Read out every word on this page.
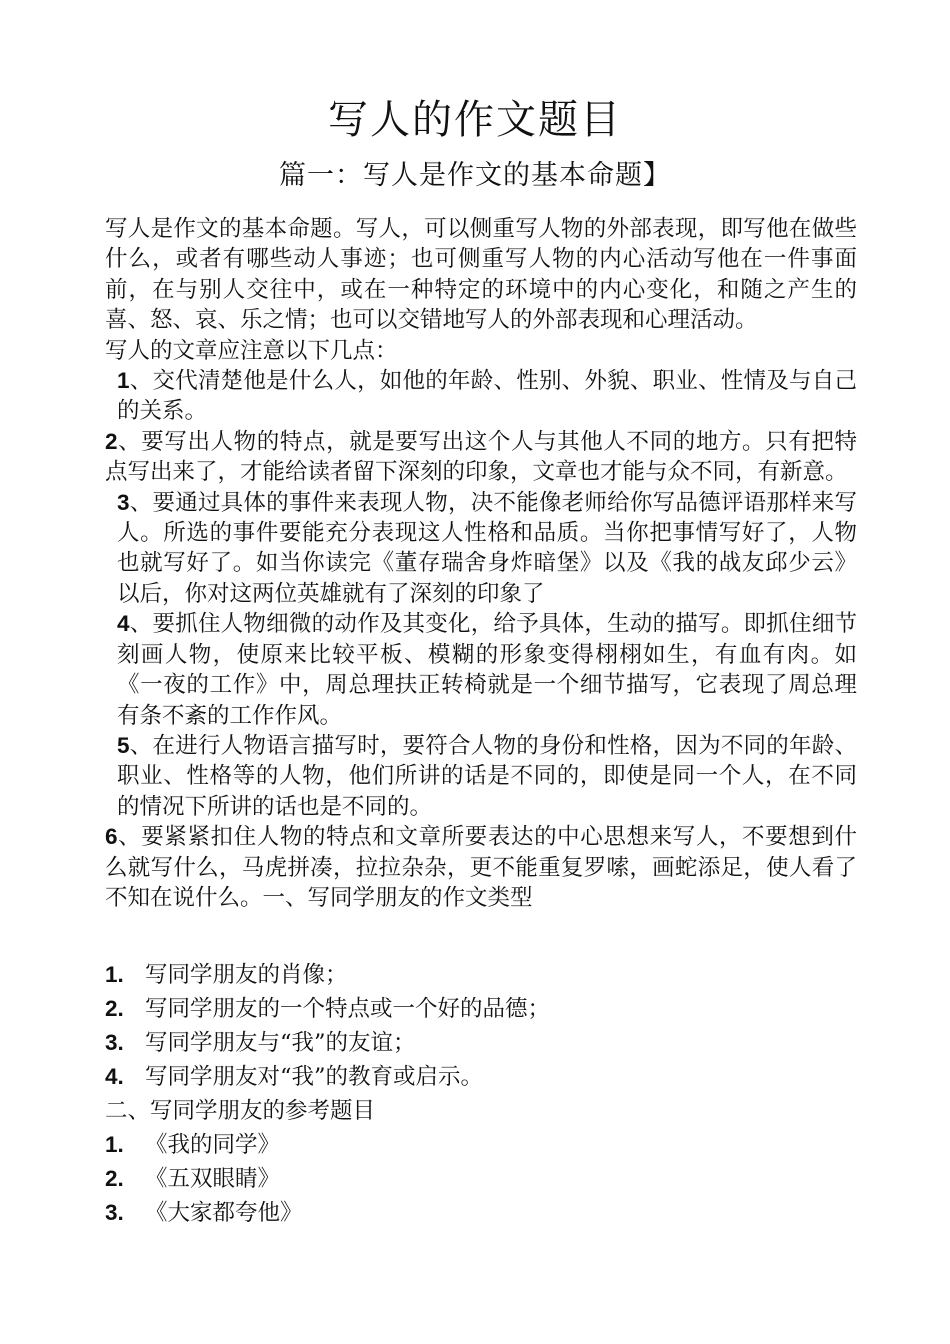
写人的作文题目
篇一：写人是作文的基本命题】

写人是作文的基本命题。写人，可以侧重写人物的外部表现，即写他在做些什么，或者有哪些动人事迹；也可侧重写人物的内心活动写他在一件事面前，在与别人交往中，或在一种特定的环境中的内心变化，和随之产生的喜、怒、哀、乐之情；也可以交错地写人的外部表现和心理活动。

写人的文章应注意以下几点：

1、交代清楚他是什么人，如他的年龄、性别、外貌、职业、性情及与自己的关系。

2、要写出人物的特点，就是要写出这个人与其他人不同的地方。只有把特点写出来了，才能给读者留下深刻的印象，文章也才能与众不同，有新意。

3、要通过具体的事件来表现人物，决不能像老师给你写品德评语那样来写人。所选的事件要能充分表现这人性格和品质。当你把事情写好了，人物也就写好了。如当你读完《董存瑞舍身炸暗堡》以及《我的战友邱少云》以后，你对这两位英雄就有了深刻的印象了

4、要抓住人物细微的动作及其变化，给予具体，生动的描写。即抓住细节刻画人物，使原来比较平板、模糊的形象变得栩栩如生，有血有肉。如《一夜的工作》中，周总理扶正转椅就是一个细节描写，它表现了周总理有条不紊的工作作风。

5、在进行人物语言描写时，要符合人物的身份和性格，因为不同的年龄、职业、性格等的人物，他们所讲的话是不同的，即使是同一个人，在不同的情况下所讲的话也是不同的。

6、要紧紧扣住人物的特点和文章所要表达的中心思想来写人，不要想到什么就写什么，马虎拼凑，拉拉杂杂，更不能重复罗嗦，画蛇添足，使人看了不知在说什么。一、写同学朋友的作文类型

1. 写同学朋友的肖像；
2. 写同学朋友的一个特点或一个好的品德；
3. 写同学朋友与“我”的友谊；
4. 写同学朋友对“我”的教育或启示。
二、写同学朋友的参考题目
1. 《我的同学》
2. 《五双眼睛》
3. 《大家都夸他》
